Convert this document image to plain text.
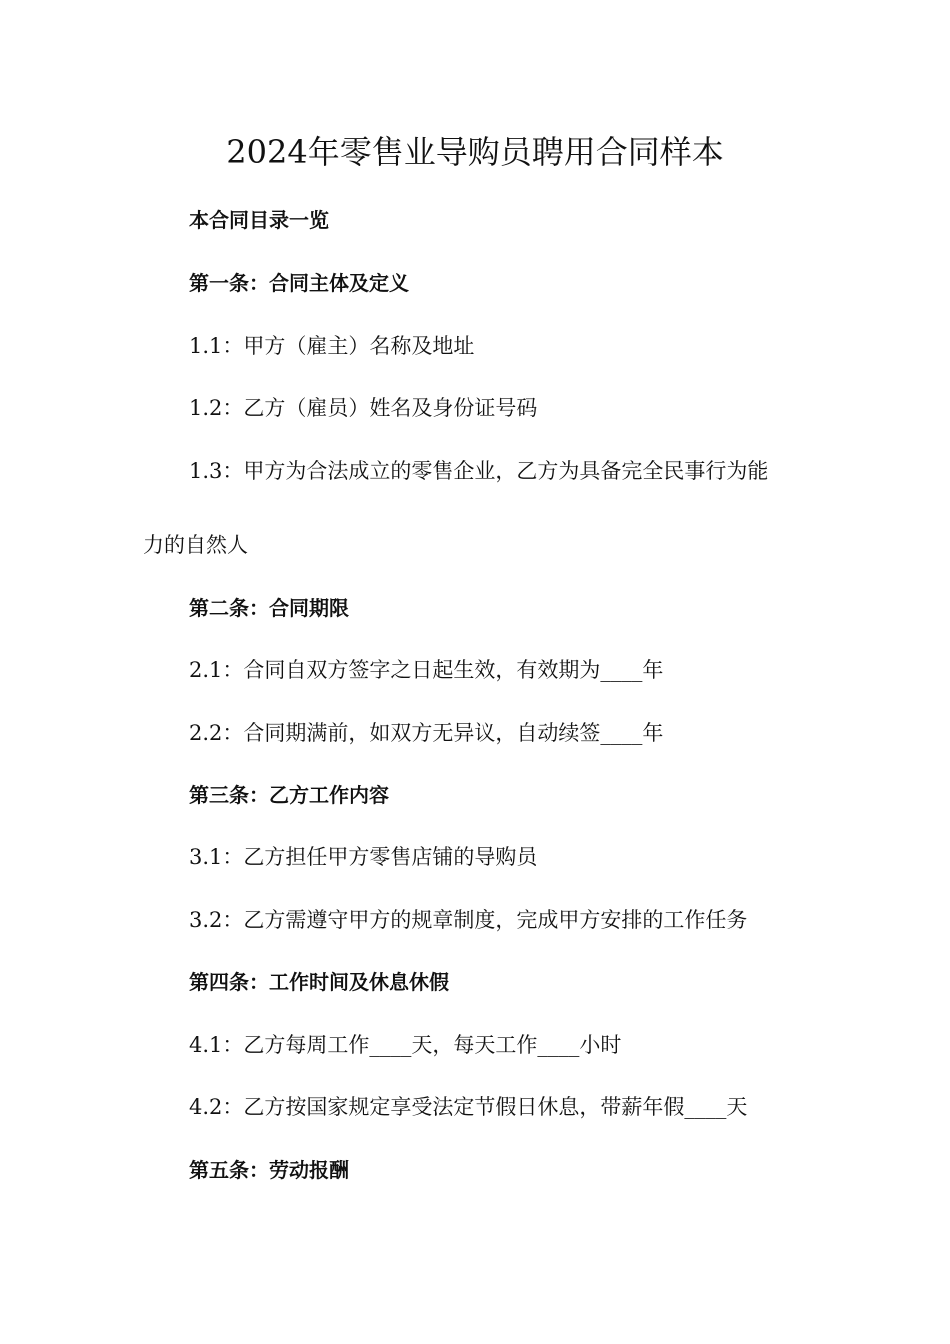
2024年零售业导购员聘用合同样本

本合同目录一览

第一条：合同主体及定义

1.1：甲方（雇主）名称及地址

1.2：乙方（雇员）姓名及身份证号码

1.3：甲方为合法成立的零售企业，乙方为具备完全民事行为能

力的自然人

第二条：合同期限

2.1：合同自双方签字之日起生效，有效期为____年

2.2：合同期满前，如双方无异议，自动续签____年

第三条：乙方工作内容

3.1：乙方担任甲方零售店铺的导购员

3.2：乙方需遵守甲方的规章制度，完成甲方安排的工作任务

第四条：工作时间及休息休假

4.1：乙方每周工作____天，每天工作____小时

4.2：乙方按国家规定享受法定节假日休息，带薪年假____天

第五条：劳动报酬
